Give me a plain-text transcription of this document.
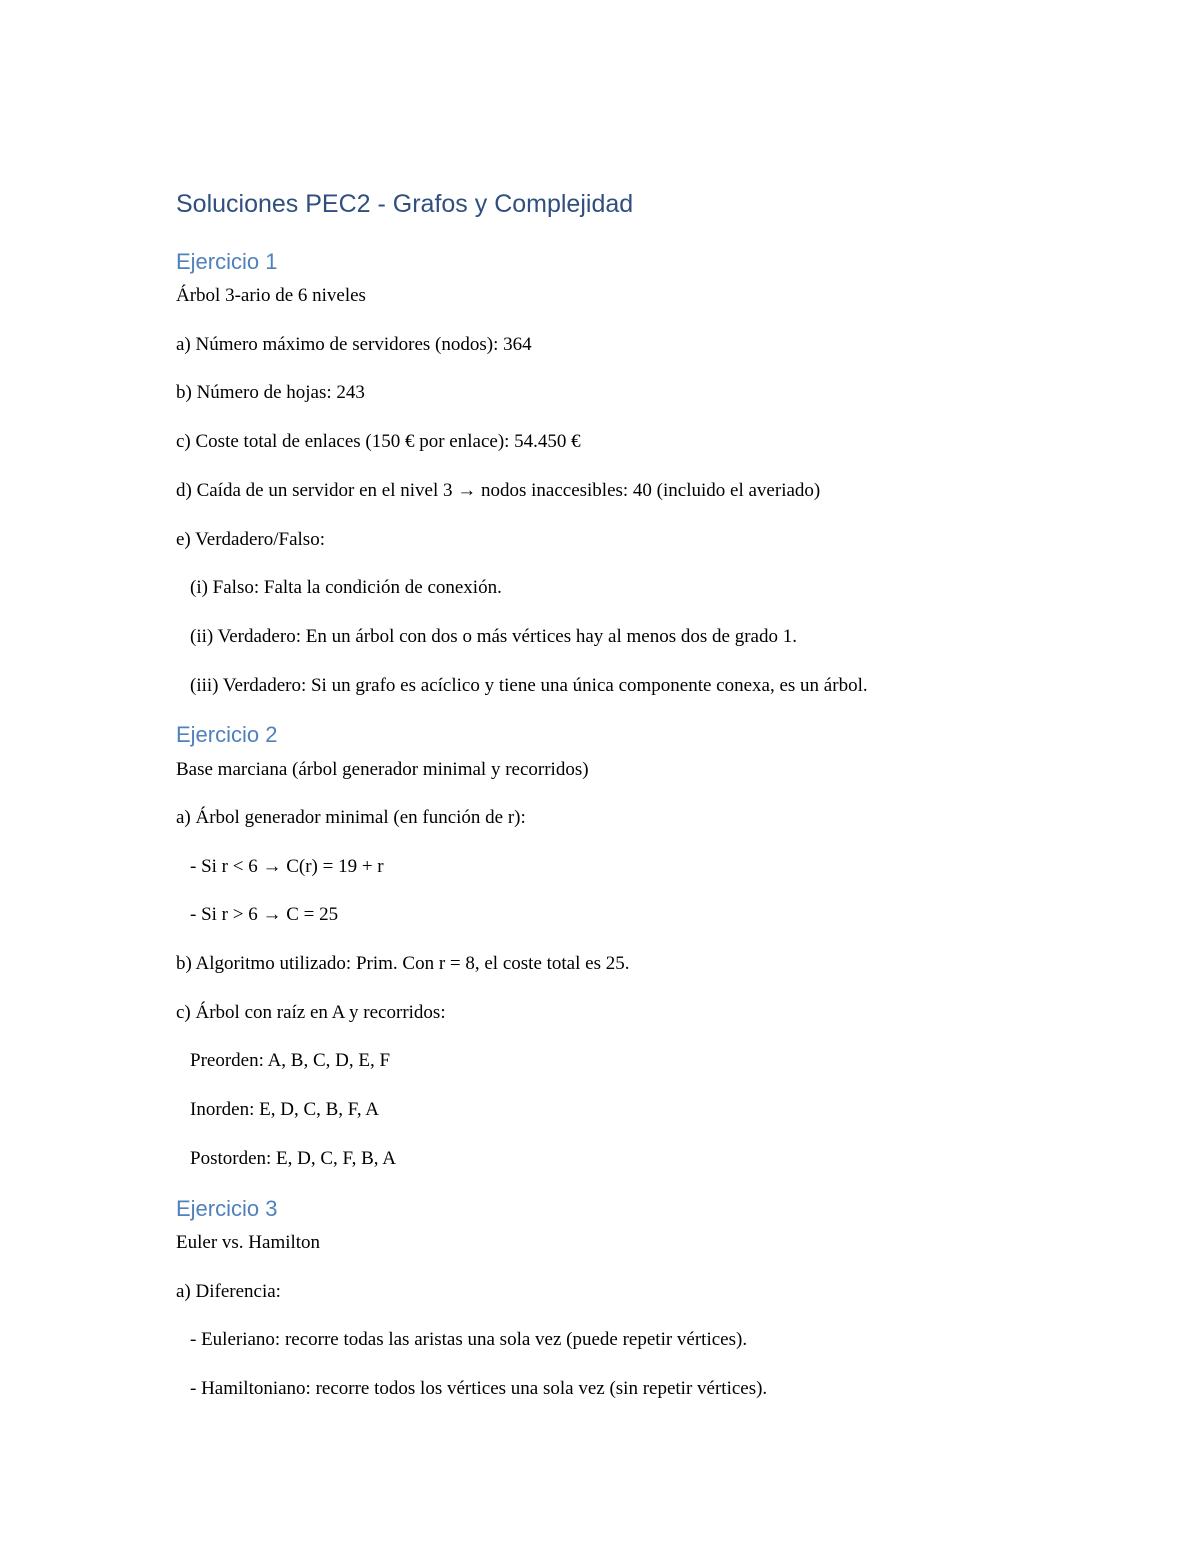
Soluciones PEC2 - Grafos y Complejidad
Ejercicio 1

Árbol 3-ario de 6 niveles

a) Número máximo de servidores (nodos): 364

b) Número de hojas: 243

c) Coste total de enlaces (150 € por enlace): 54.450 €

d) Caída de un servidor en el nivel 3 → nodos inaccesibles: 40 (incluido el averiado)

e) Verdadero/Falso:

(i) Falso: Falta la condición de conexión.

(ii) Verdadero: En un árbol con dos o más vértices hay al menos dos de grado 1.

(iii) Verdadero: Si un grafo es acíclico y tiene una única componente conexa, es un árbol.

Ejercicio 2

Base marciana (árbol generador minimal y recorridos)

a) Árbol generador minimal (en función de r):

- Si r < 6 → C(r) = 19 + r

- Si r > 6 → C = 25

b) Algoritmo utilizado: Prim. Con r = 8, el coste total es 25.

c) Árbol con raíz en A y recorridos:

Preorden: A, B, C, D, E, F

Inorden: E, D, C, B, F, A

Postorden: E, D, C, F, B, A

Ejercicio 3

Euler vs. Hamilton

a) Diferencia:

- Euleriano: recorre todas las aristas una sola vez (puede repetir vértices).

- Hamiltoniano: recorre todos los vértices una sola vez (sin repetir vértices).
